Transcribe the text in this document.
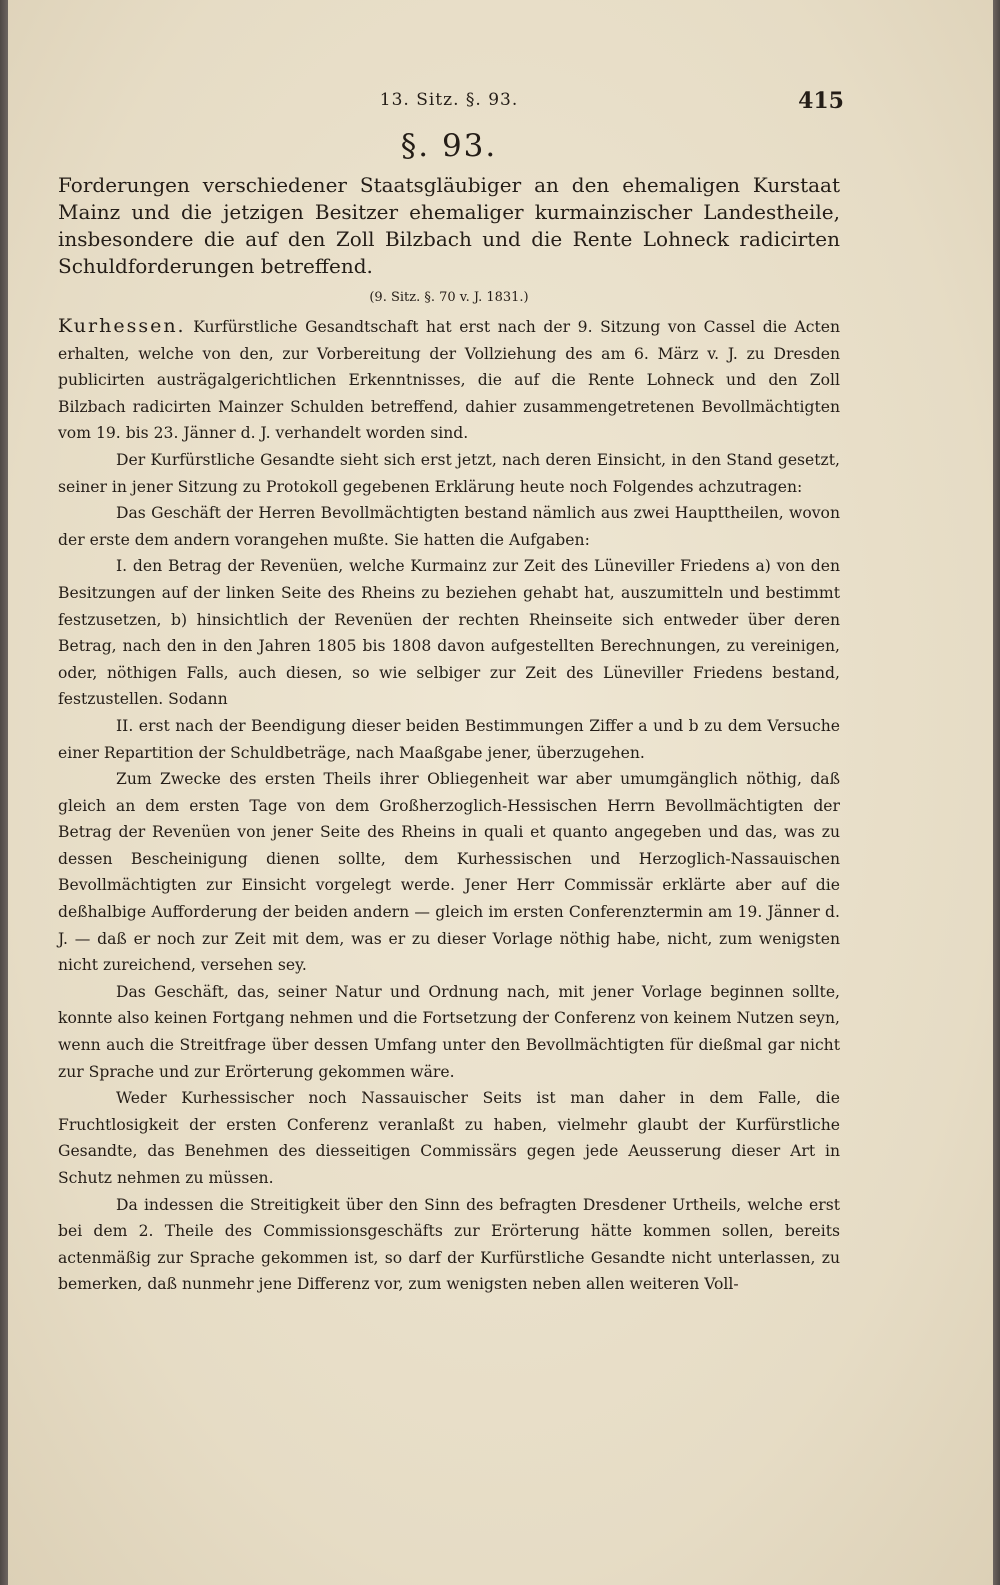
13. Sitz. §. 93.	415
§. 93.
Forderungen verschiedener Staatsgläubiger an den ehemaligen Kurstaat Mainz und die jetzigen Besitzer ehemaliger kurmainzischer Landestheile, insbesondere die auf den Zoll Bilzbach und die Rente Lohneck radicirten Schuldforderungen betreffend.
(9. Sitz. §. 70 v. J. 1831.)

Kurhessen. Kurfürstliche Gesandtschaft hat erst nach der 9. Sitzung von Cassel die Acten erhalten, welche von den, zur Vorbereitung der Vollziehung des am 6. März v. J. zu Dresden publicirten austrägalgerichtlichen Erkenntnisses, die auf die Rente Lohneck und den Zoll Bilzbach radicirten Mainzer Schulden betreffend, dahier zusammengetretenen Bevollmächtigten vom 19. bis 23. Jänner d. J. verhandelt worden sind.

Der Kurfürstliche Gesandte sieht sich erst jetzt, nach deren Einsicht, in den Stand gesetzt, seiner in jener Sitzung zu Protokoll gegebenen Erklärung heute noch Folgendes achzutragen:

Das Geschäft der Herren Bevollmächtigten bestand nämlich aus zwei Haupttheilen, wovon der erste dem andern vorangehen mußte. Sie hatten die Aufgaben:

I. den Betrag der Revenüen, welche Kurmainz zur Zeit des Lüneviller Friedens a) von den Besitzungen auf der linken Seite des Rheins zu beziehen gehabt hat, auszumitteln und bestimmt festzusetzen, b) hinsichtlich der Revenüen der rechten Rheinseite sich entweder über deren Betrag, nach den in den Jahren 1805 bis 1808 davon aufgestellten Berechnungen, zu vereinigen, oder, nöthigen Falls, auch diesen, so wie selbiger zur Zeit des Lüneviller Friedens bestand, festzustellen. Sodann

II. erst nach der Beendigung dieser beiden Bestimmungen Ziffer a und b zu dem Versuche einer Repartition der Schuldbeträge, nach Maaßgabe jener, überzugehen.

Zum Zwecke des ersten Theils ihrer Obliegenheit war aber umumgänglich nöthig, daß gleich an dem ersten Tage von dem Großherzoglich-Hessischen Herrn Bevollmächtigten der Betrag der Revenüen von jener Seite des Rheins in quali et quanto angegeben und das, was zu dessen Bescheinigung dienen sollte, dem Kurhessischen und Herzoglich-Nassauischen Bevollmächtigten zur Einsicht vorgelegt werde. Jener Herr Commissär erklärte aber auf die deßhalbige Aufforderung der beiden andern — gleich im ersten Conferenztermin am 19. Jänner d. J. — daß er noch zur Zeit mit dem, was er zu dieser Vorlage nöthig habe, nicht, zum wenigsten nicht zureichend, versehen sey.

Das Geschäft, das, seiner Natur und Ordnung nach, mit jener Vorlage beginnen sollte, konnte also keinen Fortgang nehmen und die Fortsetzung der Conferenz von keinem Nutzen seyn, wenn auch die Streitfrage über dessen Umfang unter den Bevollmächtigten für dießmal gar nicht zur Sprache und zur Erörterung gekommen wäre.

Weder Kurhessischer noch Nassauischer Seits ist man daher in dem Falle, die Fruchtlosigkeit der ersten Conferenz veranlaßt zu haben, vielmehr glaubt der Kurfürstliche Gesandte, das Benehmen des diesseitigen Commissärs gegen jede Aeusserung dieser Art in Schutz nehmen zu müssen.

Da indessen die Streitigkeit über den Sinn des befragten Dresdener Urtheils, welche erst bei dem 2. Theile des Commissionsgeschäfts zur Erörterung hätte kommen sollen, bereits actenmäßig zur Sprache gekommen ist, so darf der Kurfürstliche Gesandte nicht unterlassen, zu bemerken, daß nunmehr jene Differenz vor, zum wenigsten neben allen weiteren Voll-
